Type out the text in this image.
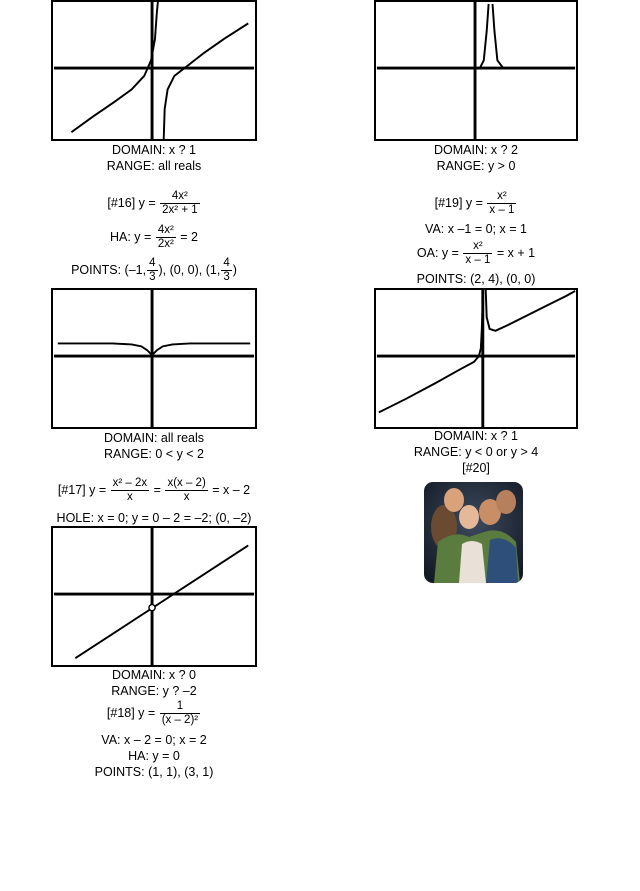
DOMAIN: x ? 1
RANGE: all reals
DOMAIN: x ? 2
RANGE: y > 0
[#16] $y = \frac{\text{4x²}}{\text{2x² + 1}}$
HA: $y = \frac{\text{4x²}}{\text{2x²}} = 2$
POINTS: (–1, $\frac{4}{3}$ ), (0, 0), (1, $\frac{4}{3}$ )
[#19] $y = \frac{\text{x²}}{x - 1}$
VA: x –1 = 0; x = 1
OA: $y = \frac{\text{x²}}{x - 1} = x + 1$
POINTS: (2, 4), (0, 0)
DOMAIN: all reals
RANGE: 0 < y < 2
DOMAIN: x ? 1
RANGE: y < 0 or y > 4
[#20]
[#17] $y = \frac{\text{x² – 2x}}{x} = \frac{x(x - 2)}{x} = x - 2$
HOLE: x = 0; y = 0 – 2 = –2; (0, –2)
DOMAIN: x ? 0
RANGE: y ? –2
[#18] $y = \frac{1}{\text{(x – 2)²}}$
VA: x – 2 = 0; x = 2
HA: y = 0
POINTS: (1, 1), (3, 1)
